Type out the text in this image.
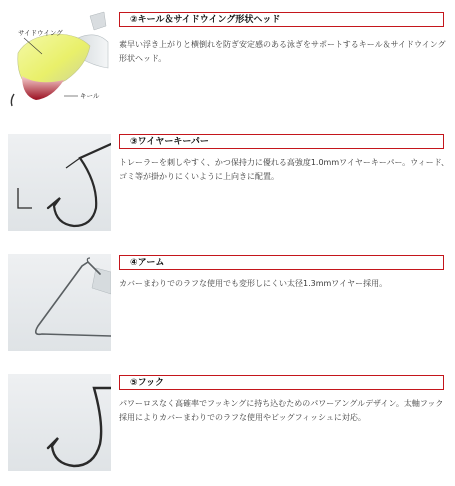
サイドウイング
キール
②キール＆サイドウイング形状ヘッド
素早い浮き上がりと横倒れを防ぎ安定感のある泳ぎをサポートするキール＆サイドウイング形状ヘッド。
③ワイヤーキーパー
トレーラーを刺しやすく、かつ保持力に優れる高強度1.0mmワイヤーキーパー。ウィード、ゴミ等が掛かりにくいように上向きに配置。
④アーム
カバーまわりでのラフな使用でも変形しにくい太径1.3mmワイヤー採用。
⑤フック
パワーロスなく高確率でフッキングに持ち込むためのパワーアングルデザイン。太軸フック採用によりカバーまわりでのラフな使用やビッグフィッシュに対応。
